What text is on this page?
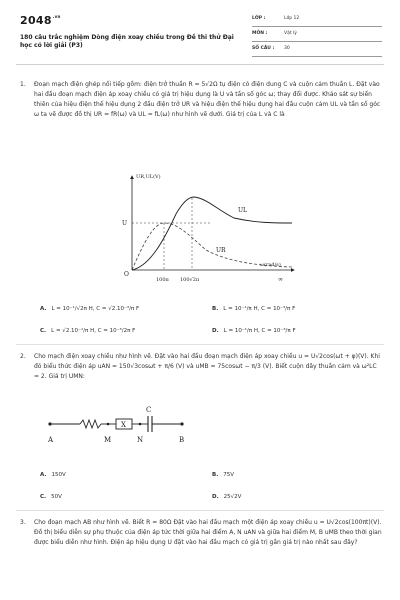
$2048^{.vn}$
180 câu trắc nghiệm Dòng điện xoay chiều trong Đề thi thử Đại học có lời giải (P3)
LỚP :	Lớp 12
MÔN :	Vật lý
SỐ CÂU : 30
1. Đoạn mạch điện ghép nối tiếp gồm: điện trở thuần R = 5√2Ω tụ điện có điện dung C và cuộn cảm thuần L. Đặt vào hai đầu đoạn mạch điện áp xoay chiều có giá trị hiệu dụng là U và tần số góc ω; thay đổi được. Khảo sát sự biến thiên của hiệu điện thế hiệu dụng 2 đầu điện trở UR và hiệu điện thế hiệu dụng hai đầu cuộn cảm UL và tần số góc ω ta vẽ được đồ thị UR = fR(ω) và UL = fL(ω) như hình vẽ dưới. Giá trị của L và C là
UR,UL(V)
ω(rad/s)
O
U
UL
UR
100π 100√2π	∞
A. L = 10⁻¹/√2π H, C = √2.10⁻³/π F	B. L = 10⁻¹/π H, C = 10⁻³/π F
C. L = √2.10⁻¹/π H, C = 10⁻³/2π F	D. L = 10⁻¹/π H, C = 10⁻³/π F
2. Cho mạch điện xoay chiều như hình vẽ. Đặt vào hai đầu đoạn mạch điện áp xoay chiều u = U√2cos(ωt + φ)(V). Khi đó biểu thức điện áp uAN = 150√3cosωt + π/6 (V) và uMB = 75cosωt − π/3 (V). Biết cuộn dây thuần cảm và ω²LC = 2. Giá trị UMN:
A	M	N	B
X
C
A. 150V	B. 75V
C. 50V	D. 25√2V
3. Cho đoạn mạch AB như hình vẽ. Biết R = 80Ω Đặt vào hai đầu mạch một điện áp xoay chiều u = U√2cos(100πt)(V). Đồ thị biểu diễn sự phụ thuộc của điện áp tức thời giữa hai điểm A, N uAN và giữa hai điểm M, B uMB theo thời gian được biểu diễn như hình. Điện áp hiệu dụng U đặt vào hai đầu mạch có giá trị gần giá trị nào nhất sau đây?
